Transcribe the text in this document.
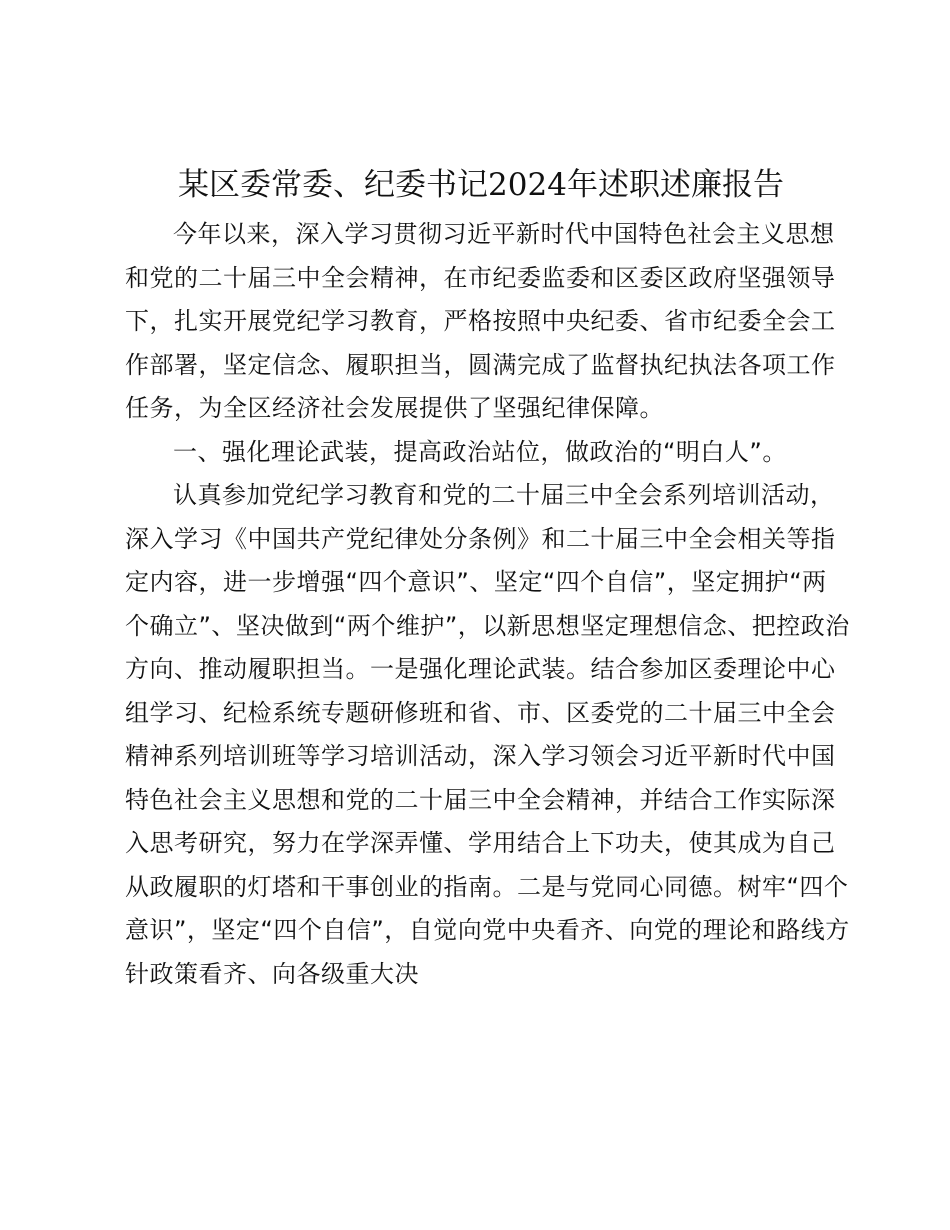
某区委常委、纪委书记2024年述职述廉报告

今年以来，深入学习贯彻习近平新时代中国特色社会主义思想和党的二十届三中全会精神，在市纪委监委和区委区政府坚强领导下，扎实开展党纪学习教育，严格按照中央纪委、省市纪委全会工作部署，坚定信念、履职担当，圆满完成了监督执纪执法各项工作任务，为全区经济社会发展提供了坚强纪律保障。

一、强化理论武装，提高政治站位，做政治的“明白人”。

认真参加党纪学习教育和党的二十届三中全会系列培训活动，深入学习《中国共产党纪律处分条例》和二十届三中全会相关等指定内容，进一步增强“四个意识”、坚定“四个自信”，坚定拥护“两个确立”、坚决做到“两个维护”，以新思想坚定理想信念、把控政治方向、推动履职担当。一是强化理论武装。结合参加区委理论中心组学习、纪检系统专题研修班和省、市、区委党的二十届三中全会精神系列培训班等学习培训活动，深入学习领会习近平新时代中国特色社会主义思想和党的二十届三中全会精神，并结合工作实际深入思考研究，努力在学深弄懂、学用结合上下功夫，使其成为自己从政履职的灯塔和干事创业的指南。二是与党同心同德。树牢“四个意识”，坚定“四个自信”，自觉向党中央看齐、向党的理论和路线方针政策看齐、向各级重大决
